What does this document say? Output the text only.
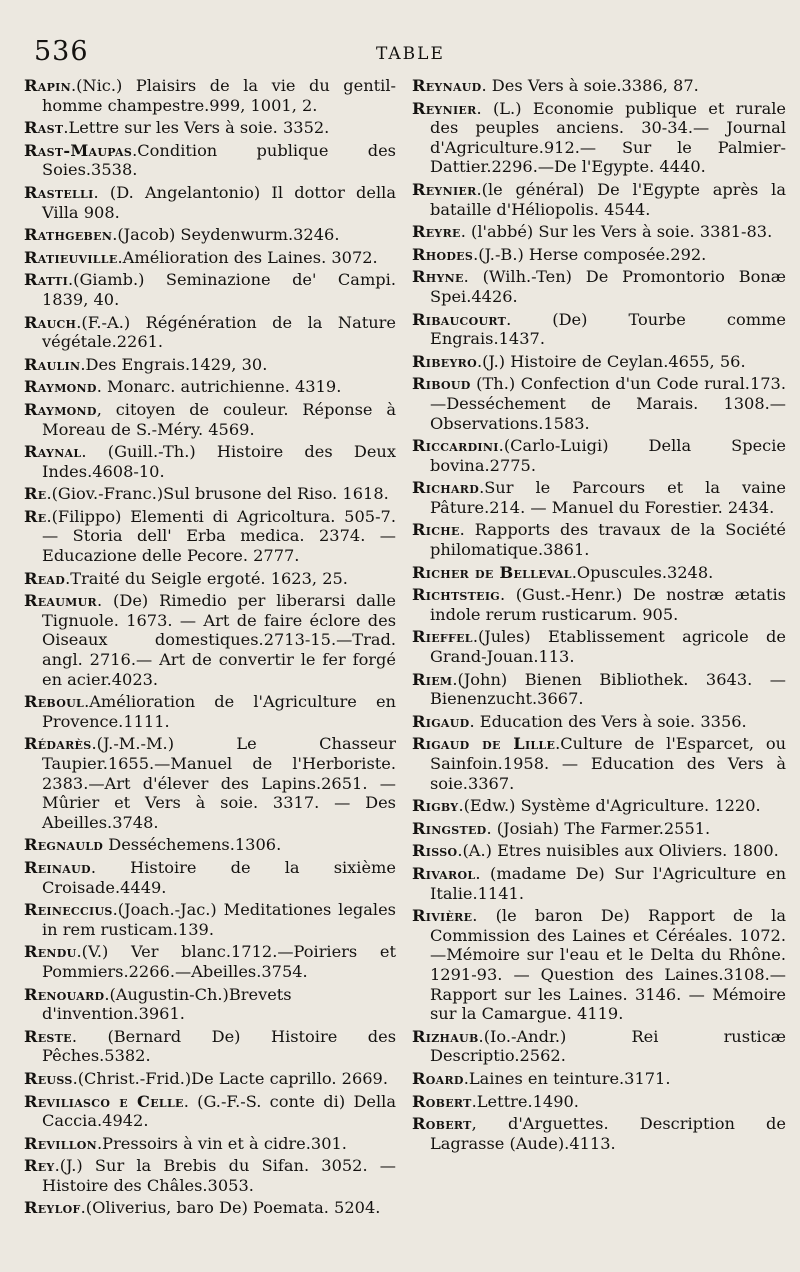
536	TABLE

Rapin.(Nic.) Plaisirs de la vie du gentil-homme champestre.999, 1001, 2.

Rast.Lettre sur les Vers à soie. 3352.

Rast-Maupas.Condition publique des Soies.3538.

Rastelli. (D. Angelantonio) Il dottor della Villa 908.

Rathgeben.(Jacob) Seydenwurm.3246.

Ratieuville.Amélioration des Laines. 3072.

Ratti.(Giamb.) Seminazione de' Campi. 1839, 40.

Rauch.(F.-A.) Régénération de la Nature végétale.2261.

Raulin.Des Engrais.1429, 30.

Raymond. Monarc. autrichienne. 4319.

Raymond, citoyen de couleur. Réponse à Moreau de S.-Méry. 4569.

Raynal. (Guill.-Th.) Histoire des Deux Indes.4608-10.

Re.(Giov.-Franc.)Sul brusone del Riso. 1618.

Re.(Filippo) Elementi di Agricoltura. 505-7. — Storia dell' Erba medica. 2374. — Educazione delle Pecore. 2777.

Read.Traité du Seigle ergoté. 1623, 25.

Reaumur. (De) Rimedio per liberarsi dalle Tignuole. 1673. — Art de faire éclore des Oiseaux domestiques.2713-15.—Trad. angl. 2716.— Art de convertir le fer forgé en acier.4023.

Reboul.Amélioration de l'Agriculture en Provence.1111.

Rédarès.(J.-M.-M.) Le Chasseur Taupier.1655.—Manuel de l'Herboriste. 2383.—Art d'élever des Lapins.2651. — Mûrier et Vers à soie. 3317. — Des Abeilles.3748.

Regnauld Desséchemens.1306.

Reinaud. Histoire de la sixième Croisade.4449.

Reineccius.(Joach.-Jac.) Meditationes legales in rem rusticam.139.

Rendu.(V.) Ver blanc.1712.—Poiriers et Pommiers.2266.—Abeilles.3754.

Renouard.(Augustin-Ch.)Brevets d'invention.3961.

Reste. (Bernard De) Histoire des Pêches.5382.

Reuss.(Christ.-Frid.)De Lacte caprillo. 2669.

Reviliasco e Celle. (G.-F.-S. conte di) Della Caccia.4942.

Revillon.Pressoirs à vin et à cidre.301.

Rey.(J.) Sur la Brebis du Sifan. 3052. — Histoire des Châles.3053.

Reylof.(Oliverius, baro De) Poemata. 5204.

Reynaud. Des Vers à soie.3386, 87.

Reynier. (L.) Economie publique et rurale des peuples anciens. 30-34.— Journal d'Agriculture.912.— Sur le Palmier-Dattier.2296.—De l'Egypte. 4440.

Reynier.(le général) De l'Egypte après la bataille d'Héliopolis. 4544.

Reyre. (l'abbé) Sur les Vers à soie. 3381-83.

Rhodes.(J.-B.) Herse composée.292.

Rhyne. (Wilh.-Ten) De Promontorio Bonæ Spei.4426.

Ribaucourt. (De) Tourbe comme Engrais.1437.

Ribeyro.(J.) Histoire de Ceylan.4655, 56.

Riboud (Th.) Confection d'un Code rural.173.—Desséchement de Marais. 1308.—Observations.1583.

Riccardini.(Carlo-Luigi) Della Specie bovina.2775.

Richard.Sur le Parcours et la vaine Pâture.214. — Manuel du Forestier. 2434.

Riche. Rapports des travaux de la Société philomatique.3861.

Richer de Belleval.Opuscules.3248.

Richtsteig. (Gust.-Henr.) De nostræ ætatis indole rerum rusticarum. 905.

Rieffel.(Jules) Etablissement agricole de Grand-Jouan.113.

Riem.(John) Bienen Bibliothek. 3643. — Bienenzucht.3667.

Rigaud. Education des Vers à soie. 3356.

Rigaud de Lille.Culture de l'Esparcet, ou Sainfoin.1958. — Education des Vers à soie.3367.

Rigby.(Edw.) Système d'Agriculture. 1220.

Ringsted. (Josiah) The Farmer.2551.

Risso.(A.) Etres nuisibles aux Oliviers. 1800.

Rivarol. (madame De) Sur l'Agriculture en Italie.1141.

Rivière. (le baron De) Rapport de la Commission des Laines et Céréales. 1072.—Mémoire sur l'eau et le Delta du Rhône. 1291-93. — Question des Laines.3108.—Rapport sur les Laines. 3146. — Mémoire sur la Camargue. 4119.

Rizhaub.(Io.-Andr.) Rei rusticæ Descriptio.2562.

Roard.Laines en teinture.3171.

Robert.Lettre.1490.

Robert, d'Arguettes. Description de Lagrasse (Aude).4113.
